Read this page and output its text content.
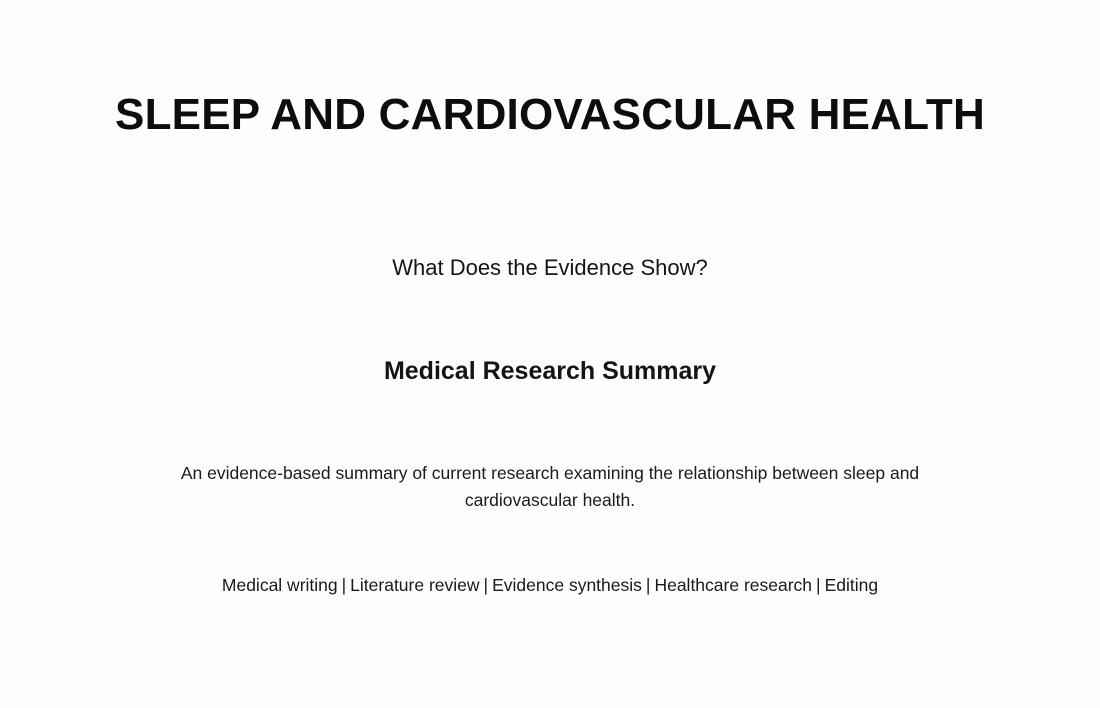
SLEEP AND CARDIOVASCULAR HEALTH

What Does the Evidence Show?

Medical Research Summary

An evidence-based summary of current research examining the relationship between sleep and cardiovascular health.

Medical writing | Literature review | Evidence synthesis | Healthcare research | Editing
